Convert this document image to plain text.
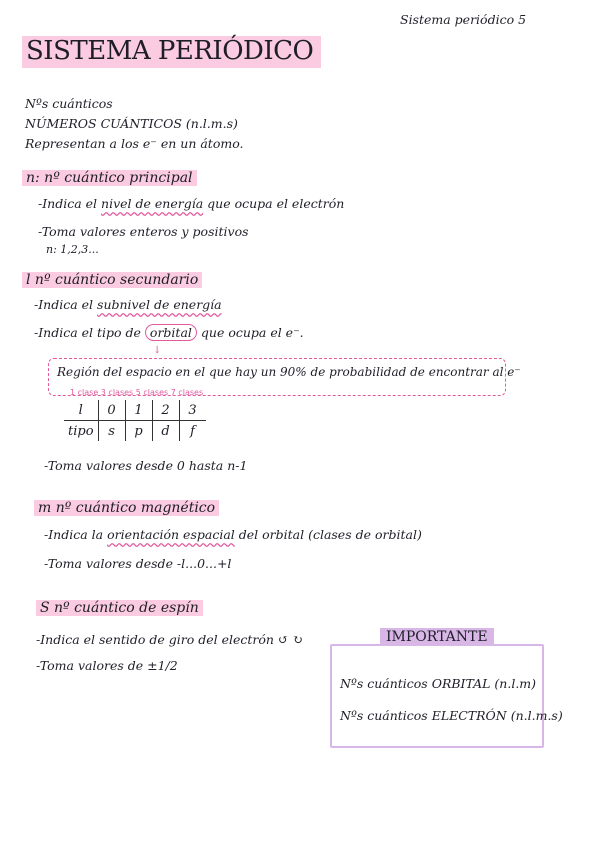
Sistema periódico 5
SISTEMA PERIÓDICO
Nºs cuánticos
NÚMEROS CUÁNTICOS (n.l.m.s)
Representan a los e⁻ en un átomo.
n: nº cuántico principal
-Indica el nivel de energía que ocupa el electrón
-Toma valores enteros y positivos
n: 1,2,3...
l nº cuántico secundario
-Indica el subnivel de energía
-Indica el tipo de orbital que ocupa el e⁻.
↓
Región del espacio en el que hay un 90% de probabilidad de encontrar al e⁻
1 clase 3 clases 5 clases 7 clases
l	0	1	2	3
tipo	s	p	d	f
-Toma valores desde 0 hasta n-1
m nº cuántico magnético
-Indica la orientación espacial del orbital (clases de orbital)
-Toma valores desde -l...0...+l
S nº cuántico de espín
-Indica el sentido de giro del electrón ↺ ↻
-Toma valores de ±1/2
Nºs cuánticos ORBITAL (n.l.m)
Nºs cuánticos ELECTRÓN (n.l.m.s)
IMPORTANTE
